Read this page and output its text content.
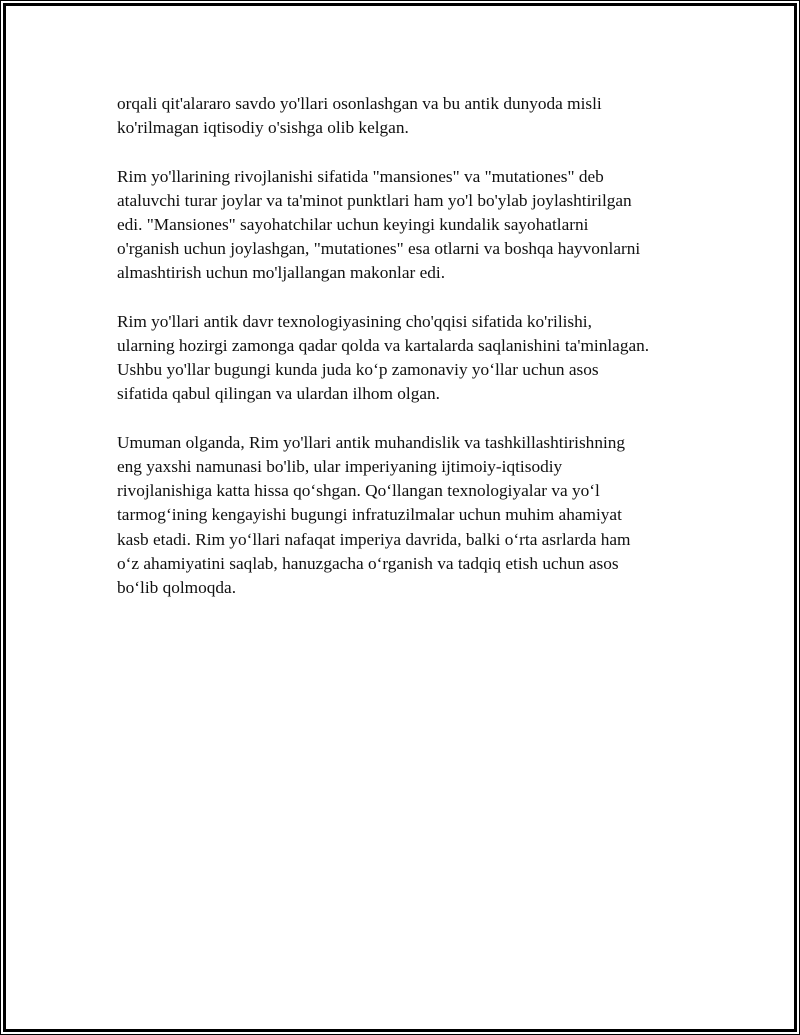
orqali qit'alararo savdo yo'llari osonlashgan va bu antik dunyoda misli
ko'rilmagan iqtisodiy o'sishga olib kelgan.

Rim yo'llarining rivojlanishi sifatida "mansiones" va "mutationes" deb
ataluvchi turar joylar va ta'minot punktlari ham yo'l bo'ylab joylashtirilgan
edi. "Mansiones" sayohatchilar uchun keyingi kundalik sayohatlarni
o'rganish uchun joylashgan, "mutationes" esa otlarni va boshqa hayvonlarni
almashtirish uchun mo'ljallangan makonlar edi.

Rim yo'llari antik davr texnologiyasining cho'qqisi sifatida ko'rilishi,
ularning hozirgi zamonga qadar qolda va kartalarda saqlanishini ta'minlagan.
Ushbu yo'llar bugungi kunda juda ko‘p zamonaviy yo‘llar uchun asos
sifatida qabul qilingan va ulardan ilhom olgan.

Umuman olganda, Rim yo'llari antik muhandislik va tashkillashtirishning
eng yaxshi namunasi bo'lib, ular imperiyaning ijtimoiy-iqtisodiy
rivojlanishiga katta hissa qo‘shgan. Qo‘llangan texnologiyalar va yo‘l
tarmog‘ining kengayishi bugungi infratuzilmalar uchun muhim ahamiyat
kasb etadi. Rim yo‘llari nafaqat imperiya davrida, balki o‘rta asrlarda ham
o‘z ahamiyatini saqlab, hanuzgacha o‘rganish va tadqiq etish uchun asos
bo‘lib qolmoqda.
